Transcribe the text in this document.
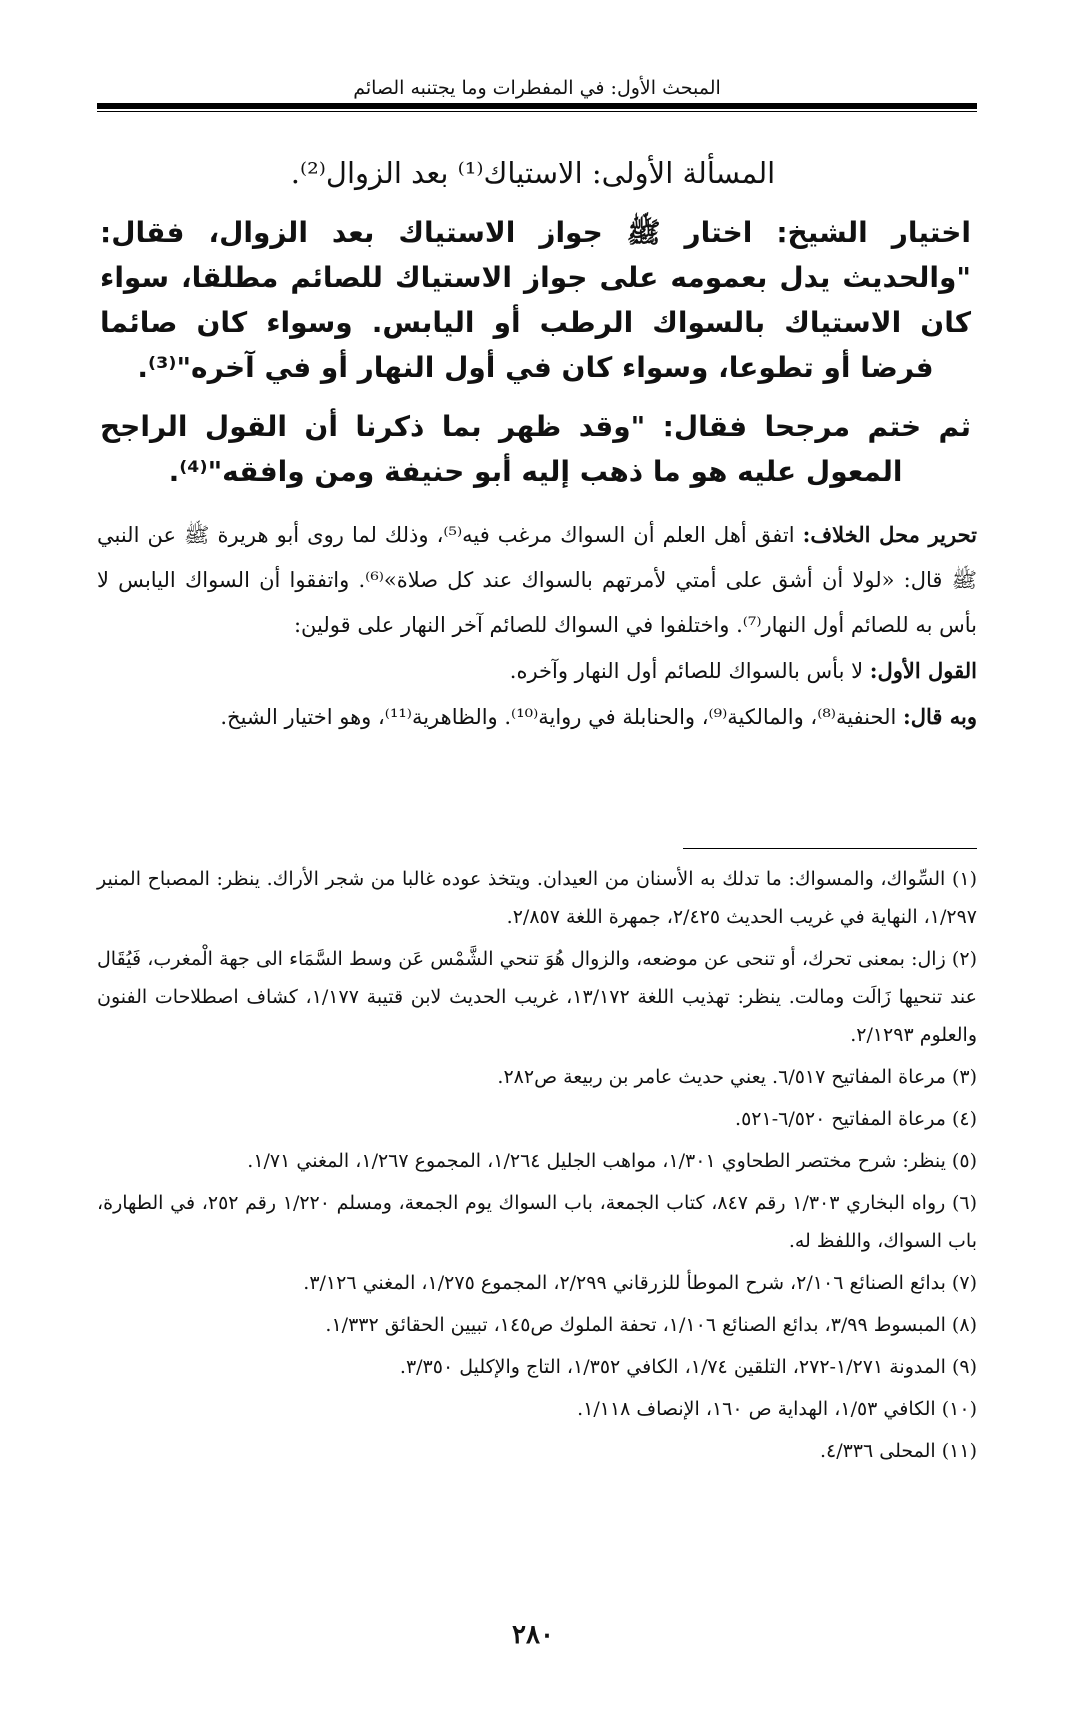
المبحث الأول: في المفطرات وما يجتنبه الصائم
المسألة الأولى: الاستياك⁽¹⁾ بعد الزوال⁽²⁾.
اختيار الشيخ: اختار ﷺ جواز الاستياك بعد الزوال، فقال: "والحديث يدل بعمومه على جواز الاستياك للصائم مطلقا، سواء كان الاستياك بالسواك الرطب أو اليابس. وسواء كان صائما فرضا أو تطوعا، وسواء كان في أول النهار أو في آخره"⁽³⁾.
ثم ختم مرجحا فقال: "وقد ظهر بما ذكرنا أن القول الراجح المعول عليه هو ما ذهب إليه أبو حنيفة ومن وافقه"⁽⁴⁾.

تحرير محل الخلاف: اتفق أهل العلم أن السواك مرغب فيه⁽⁵⁾، وذلك لما روى أبو هريرة ﷺ عن النبي ﷺ قال: «لولا أن أشق على أمتي لأمرتهم بالسواك عند كل صلاة»⁽⁶⁾. واتفقوا أن السواك اليابس لا بأس به للصائم أول النهار⁽⁷⁾. واختلفوا في السواك للصائم آخر النهار على قولين:

القول الأول: لا بأس بالسواك للصائم أول النهار وآخره.

وبه قال: الحنفية⁽⁸⁾، والمالكية⁽⁹⁾، والحنابلة في رواية⁽¹⁰⁾. والظاهرية⁽¹¹⁾، وهو اختيار الشيخ.

(١) السِّواك، والمسواك: ما تدلك به الأسنان من العيدان. ويتخذ عوده غالبا من شجر الأراك. ينظر: المصباح المنير ١/٢٩٧، النهاية في غريب الحديث ٢/٤٢٥، جمهرة اللغة ٢/٨٥٧.

(٢) زال: بمعنى تحرك، أو تنحى عن موضعه، والزوال هُوَ تنحي الشَّمْس عَن وسط السَّمَاء الى جهة الْمغرب، فَيُقَال عند تنحيها زَالَت ومالت. ينظر: تهذيب اللغة ١٣/١٧٢، غريب الحديث لابن قتيبة ١/١٧٧، كشاف اصطلاحات الفنون والعلوم ٢/١٢٩٣.

(٣) مرعاة المفاتيح ٦/٥١٧. يعني حديث عامر بن ربيعة ص٢٨٢.

(٤) مرعاة المفاتيح ٦/٥٢٠-٥٢١.

(٥) ينظر: شرح مختصر الطحاوي ١/٣٠١، مواهب الجليل ١/٢٦٤، المجموع ١/٢٦٧، المغني ١/٧١.

(٦) رواه البخاري ١/٣٠٣ رقم ٨٤٧، كتاب الجمعة، باب السواك يوم الجمعة، ومسلم ١/٢٢٠ رقم ٢٥٢، في الطهارة، باب السواك، واللفظ له.

(٧) بدائع الصنائع ٢/١٠٦، شرح الموطأ للزرقاني ٢/٢٩٩، المجموع ١/٢٧٥، المغني ٣/١٢٦.

(٨) المبسوط ٣/٩٩، بدائع الصنائع ١/١٠٦، تحفة الملوك ص١٤٥، تبيين الحقائق ١/٣٣٢.

(٩) المدونة ١/٢٧١-٢٧٢، التلقين ١/٧٤، الكافي ١/٣٥٢، التاج والإكليل ٣/٣٥٠.

(١٠) الكافي ١/٥٣، الهداية ص ١٦٠، الإنصاف ١/١١٨.

(١١) المحلى ٤/٣٣٦.

٢٨٠
